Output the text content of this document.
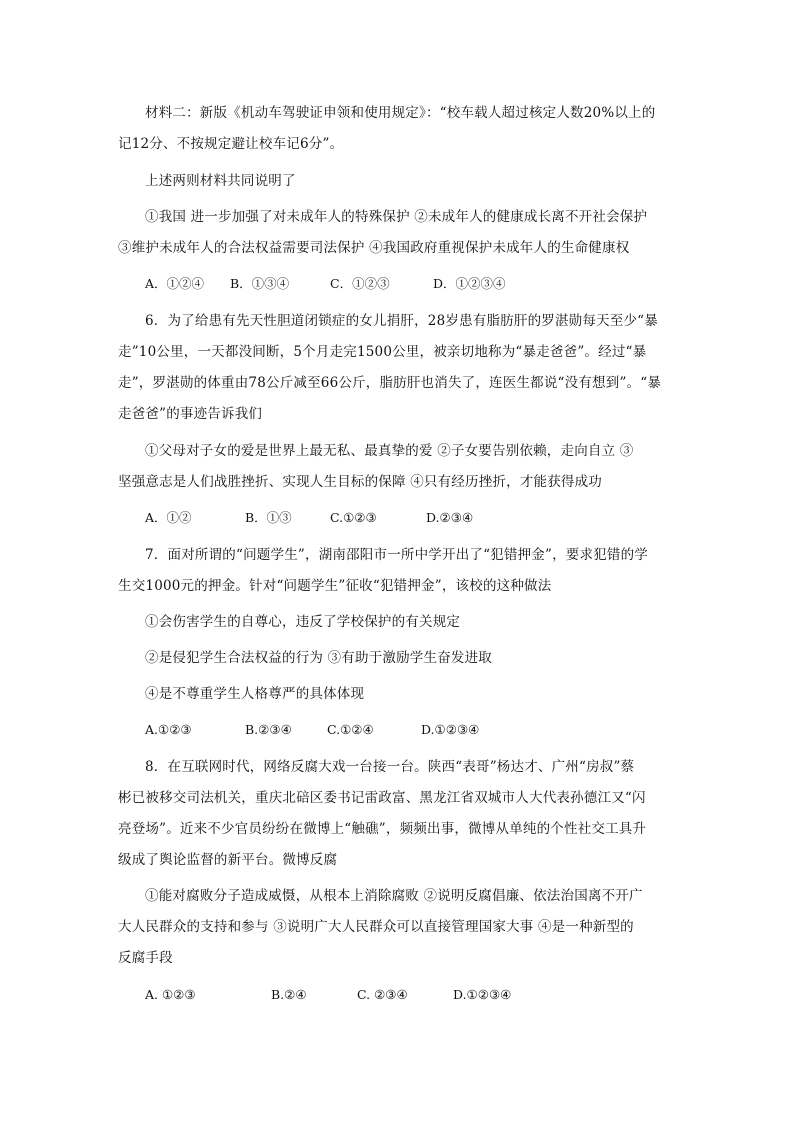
材料二：新版《机动车驾驶证申领和使用规定》：“校车载人超过核定人数20%以上的
记12分、不按规定避让校车记6分”。
上述两则材料共同说明了
①我国 进一步加强了对未成年人的特殊保护 ②未成年人的健康成长离不开社会保护
③维护未成年人的合法权益需要司法保护 ④我国政府重视保护未成年人的生命健康权
A．①②④ B．①③④	C．①②③	D．①②③④
6．为了给患有先天性胆道闭锁症的女儿捐肝，28岁患有脂肪肝的罗湛勋每天至少“暴
走”10公里，一天都没间断，5个月走完1500公里，被亲切地称为“暴走爸爸”。经过“暴
走”，罗湛勋的体重由78公斤减至66公斤，脂肪肝也消失了，连医生都说“没有想到”。“暴
走爸爸”的事迹告诉我们
①父母对子女的爱是世界上最无私、最真挚的爱 ②子女要告别依赖，走向自立 ③
坚强意志是人们战胜挫折、实现人生目标的保障 ④只有经历挫折，才能获得成功
A．①②	B．①③	C.①②③	D.②③④
7．面对所谓的“问题学生”，湖南邵阳市一所中学开出了“犯错押金”，要求犯错的学
生交1000元的押金。针对“问题学生”征收“犯错押金”，该校的这种做法
①会伤害学生的自尊心，违反了学校保护的有关规定
②是侵犯学生合法权益的行为 ③有助于激励学生奋发进取
④是不尊重学生人格尊严的具体体现
A.①②③	B.②③④	C.①②④	D.①②③④
8．在互联网时代，网络反腐大戏一台接一台。陕西“表哥”杨达才、广州“房叔”蔡
彬已被移交司法机关，重庆北碚区委书记雷政富、黑龙江省双城市人大代表孙德江又“闪
亮登场”。近来不少官员纷纷在微博上“触礁”，频频出事，微博从单纯的个性社交工具升
级成了舆论监督的新平台。微博反腐
①能对腐败分子造成威慑，从根本上消除腐败 ②说明反腐倡廉、依法治国离不开广
大人民群众的支持和参与 ③说明广大人民群众可以直接管理国家大事 ④是一种新型的
反腐手段
A. ①②③	B.②④	C. ②③④	D.①②③④
